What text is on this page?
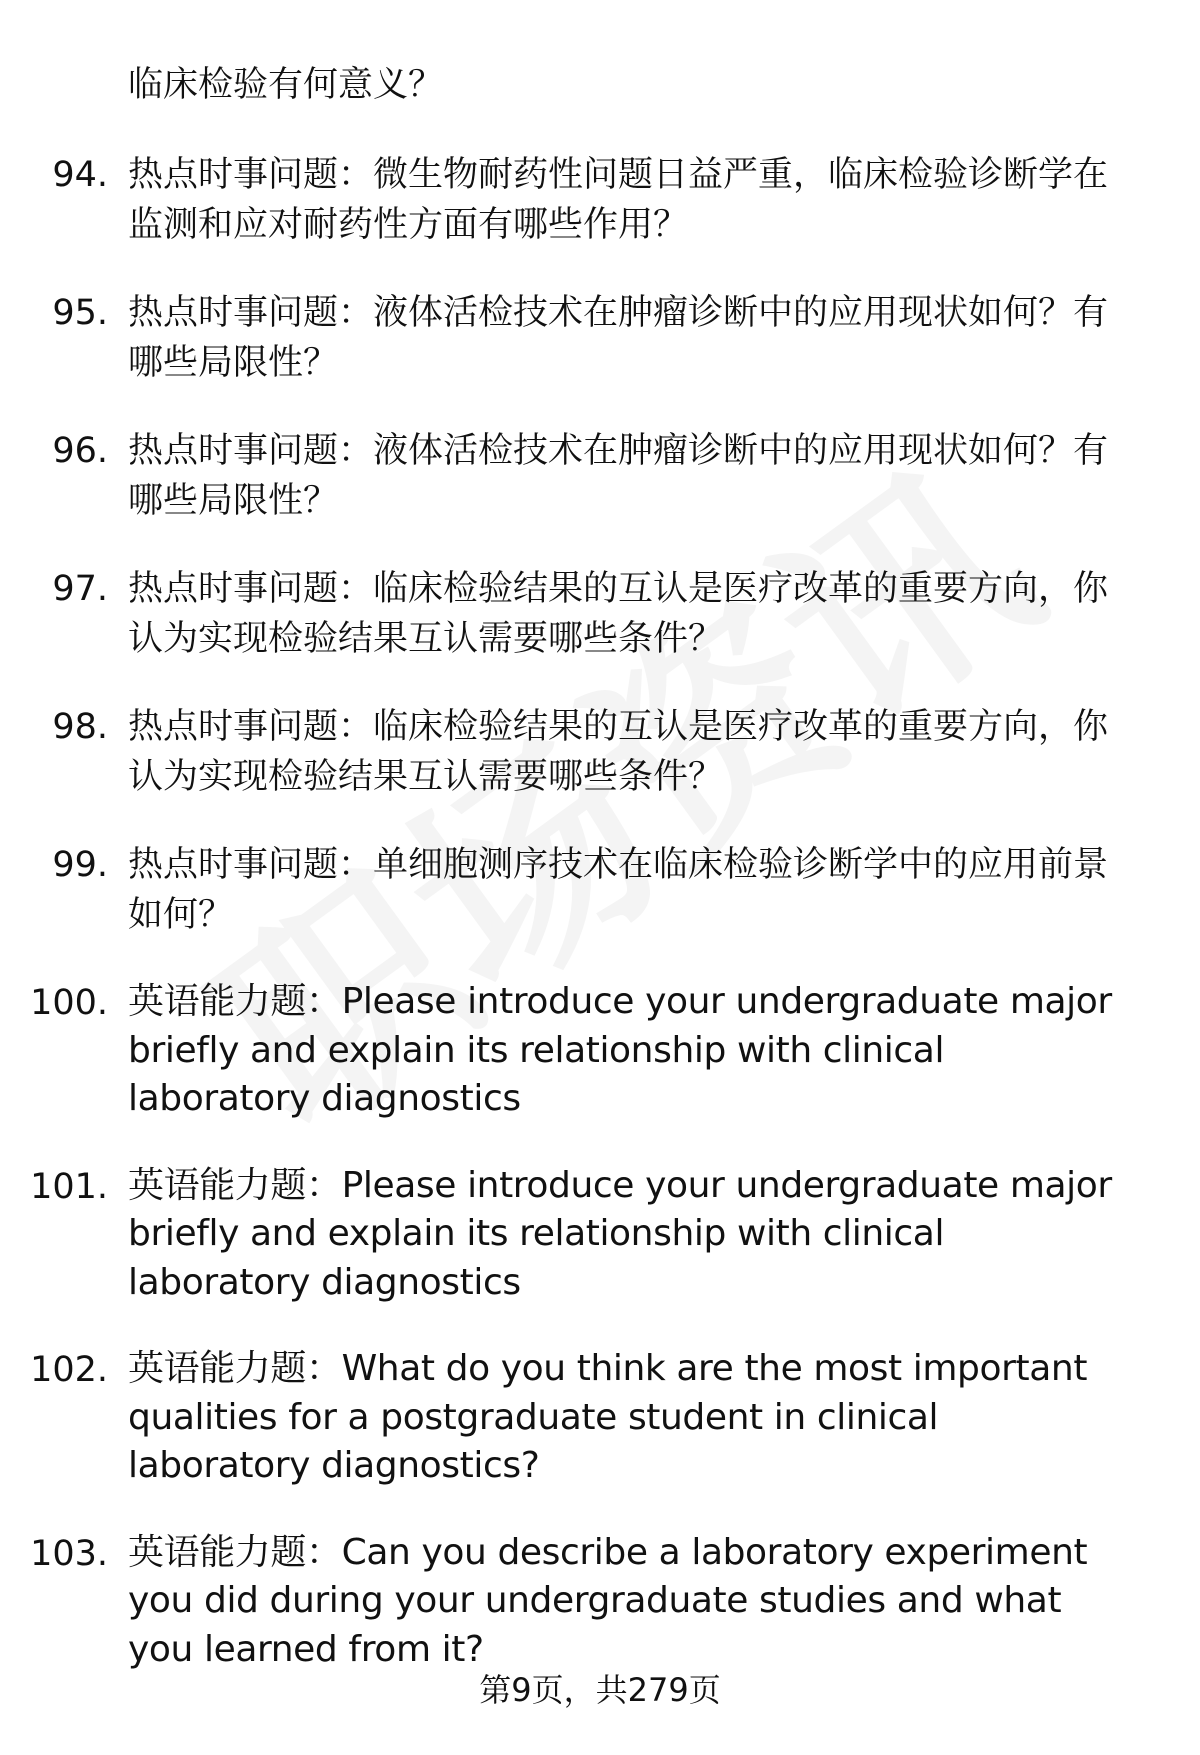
临床检验有何意义？
94. 热点时事问题：微生物耐药性问题日益严重，临床检验诊断学在监测和应对耐药性方面有哪些作用？
95. 热点时事问题：液体活检技术在肿瘤诊断中的应用现状如何？有哪些局限性？
96. 热点时事问题：液体活检技术在肿瘤诊断中的应用现状如何？有哪些局限性？
97. 热点时事问题：临床检验结果的互认是医疗改革的重要方向，你认为实现检验结果互认需要哪些条件？
98. 热点时事问题：临床检验结果的互认是医疗改革的重要方向，你认为实现检验结果互认需要哪些条件？
99. 热点时事问题：单细胞测序技术在临床检验诊断学中的应用前景如何？
100. 英语能力题：Please introduce your undergraduate major briefly and explain its relationship with clinical laboratory diagnostics
101. 英语能力题：Please introduce your undergraduate major briefly and explain its relationship with clinical laboratory diagnostics
102. 英语能力题：What do you think are the most important qualities for a postgraduate student in clinical laboratory diagnostics?
103. 英语能力题：Can you describe a laboratory experiment you did during your undergraduate studies and what you learned from it?
第9页，共279页
